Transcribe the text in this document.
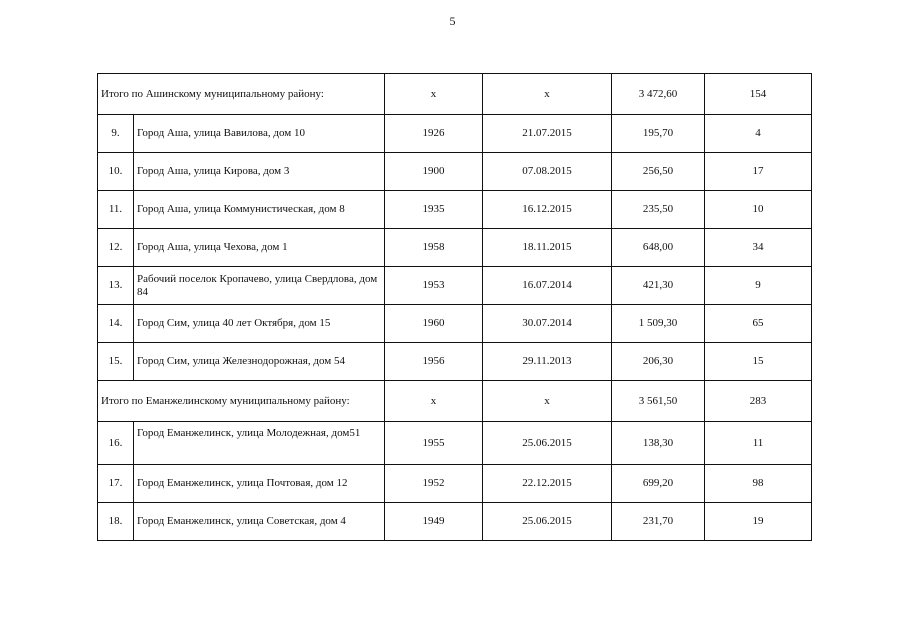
5
Итого по Ашинскому муниципальному району:		х	х	3 472,60	154
9.	Город Аша, улица Вавилова, дом 10	1926	21.07.2015	195,70	4
10.	Город Аша, улица Кирова, дом 3	1900	07.08.2015	256,50	17
11.	Город Аша, улица Коммунистическая, дом 8	1935	16.12.2015	235,50	10
12.	Город Аша, улица Чехова, дом 1	1958	18.11.2015	648,00	34
13.	Рабочий поселок Кропачево, улица Свердлова, дом 84	1953	16.07.2014	421,30	9
14.	Город Сим, улица 40 лет Октября, дом 15	1960	30.07.2014	1 509,30	65
15.	Город Сим, улица Железнодорожная, дом 54	1956	29.11.2013	206,30	15
Итого по Еманжелинскому муниципальному району:		х	х	3 561,50	283
16.	Город Еманжелинск, улица Молодежная, дом51	1955	25.06.2015	138,30	11
17.	Город Еманжелинск, улица Почтовая, дом 12	1952	22.12.2015	699,20	98
18.	Город Еманжелинск, улица Советская, дом 4	1949	25.06.2015	231,70	19
